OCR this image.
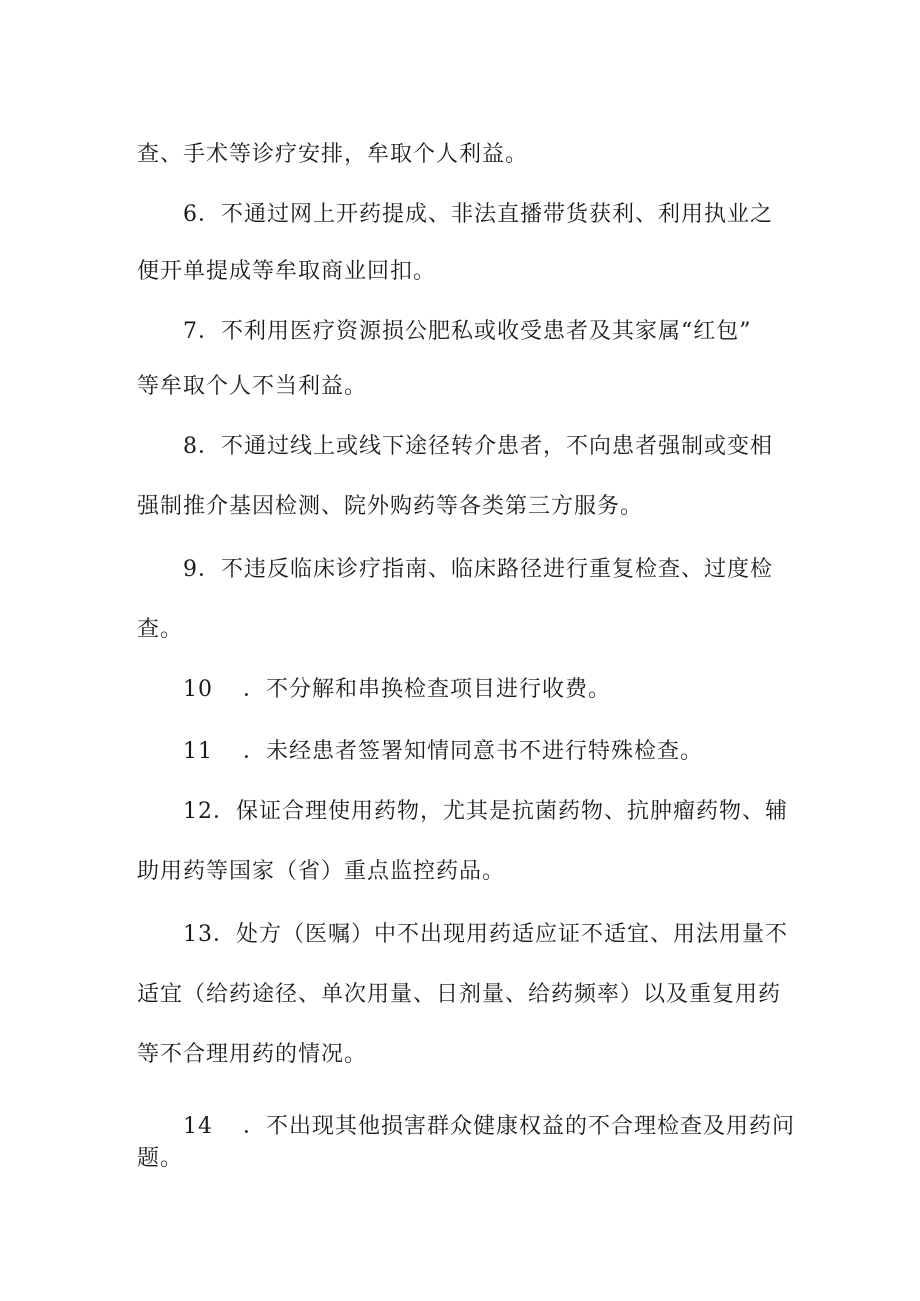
查、手术等诊疗安排，牟取个人利益。
6．不通过网上开药提成、非法直播带货获利、利用执业之
便开单提成等牟取商业回扣。
7．不利用医疗资源损公肥私或收受患者及其家属“红包”
等牟取个人不当利益。
8．不通过线上或线下途径转介患者，不向患者强制或变相
强制推介基因检测、院外购药等各类第三方服务。
9．不违反临床诊疗指南、临床路径进行重复检查、过度检
查。
10 ．不分解和串换检查项目进行收费。
11 ．未经患者签署知情同意书不进行特殊检查。
12．保证合理使用药物，尤其是抗菌药物、抗肿瘤药物、辅
助用药等国家（省）重点监控药品。
13．处方（医嘱）中不出现用药适应证不适宜、用法用量不
适宜（给药途径、单次用量、日剂量、给药频率）以及重复用药
等不合理用药的情况。
14 ．不出现其他损害群众健康权益的不合理检查及用药问
题。
